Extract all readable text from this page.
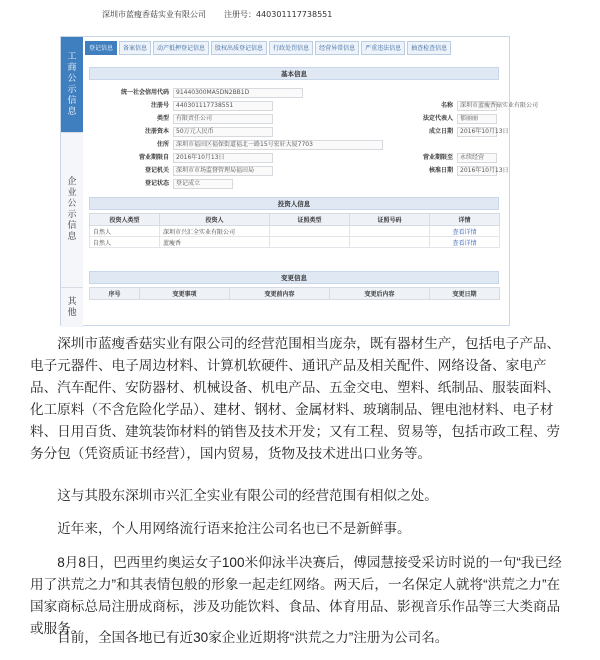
深圳市蓝瘦香菇实业有限公司 注册号：440301117738551
工
商
公
示
信
息
企
业
公
示
信
息
其
他
登记信息	备案信息	动产抵押登记信息	股权出质登记信息	行政处罚信息	经营异常信息	严重违法信息	抽查检查信息
基本信息
统一社会信用代码	91440300MA5DN2BB1D
注册号	440301117738551	名称	深圳市蓝瘦香菇实业有限公司
类型	有限责任公司	法定代表人	郁丽丽
注册资本	50万元人民币	成立日期	2016年10月13日
住所	深圳市福田区福保街道福北一路15号宏轩大厦7703
营业期限自	2016年10月13日	营业期限至	永续经营
登记机关	深圳市市场监督管理局福田局	核准日期	2016年10月13日
登记状态	登记成立
投资人信息
投资人类型	投资人	证照类型	证照号码	详情
自然人	深圳市兴汇全实业有限公司			查看详情
自然人	蓝瘦香			查看详情
变更信息
序号	变更事项	变更前内容	变更后内容	变更日期

深圳市蓝瘦香菇实业有限公司的经营范围相当庞杂，既有器材生产，包括电子产品、电子元器件、电子周边材料、计算机软硬件、通讯产品及相关配件、网络设备、家电产品、汽车配件、安防器材、机械设备、机电产品、五金交电、塑料、纸制品、服装面料、化工原料（不含危险化学品）、建材、钢材、金属材料、玻璃制品、锂电池材料、电子材料、日用百货、建筑装饰材料的销售及技术开发；又有工程、贸易等，包括市政工程、劳务分包（凭资质证书经营），国内贸易，货物及技术进出口业务等。

这与其股东深圳市兴汇全实业有限公司的经营范围有相似之处。

近年来，个人用网络流行语来抢注公司名也已不是新鲜事。

8月8日，巴西里约奥运女子100米仰泳半决赛后，傅园慧接受采访时说的一句“我已经用了洪荒之力”和其表情包般的形象一起走红网络。两天后，一名保定人就将“洪荒之力”在国家商标总局注册成商标，涉及功能饮料、食品、体育用品、影视音乐作品等三大类商品或服务。

目前，全国各地已有近30家企业近期将“洪荒之力”注册为公司名。
